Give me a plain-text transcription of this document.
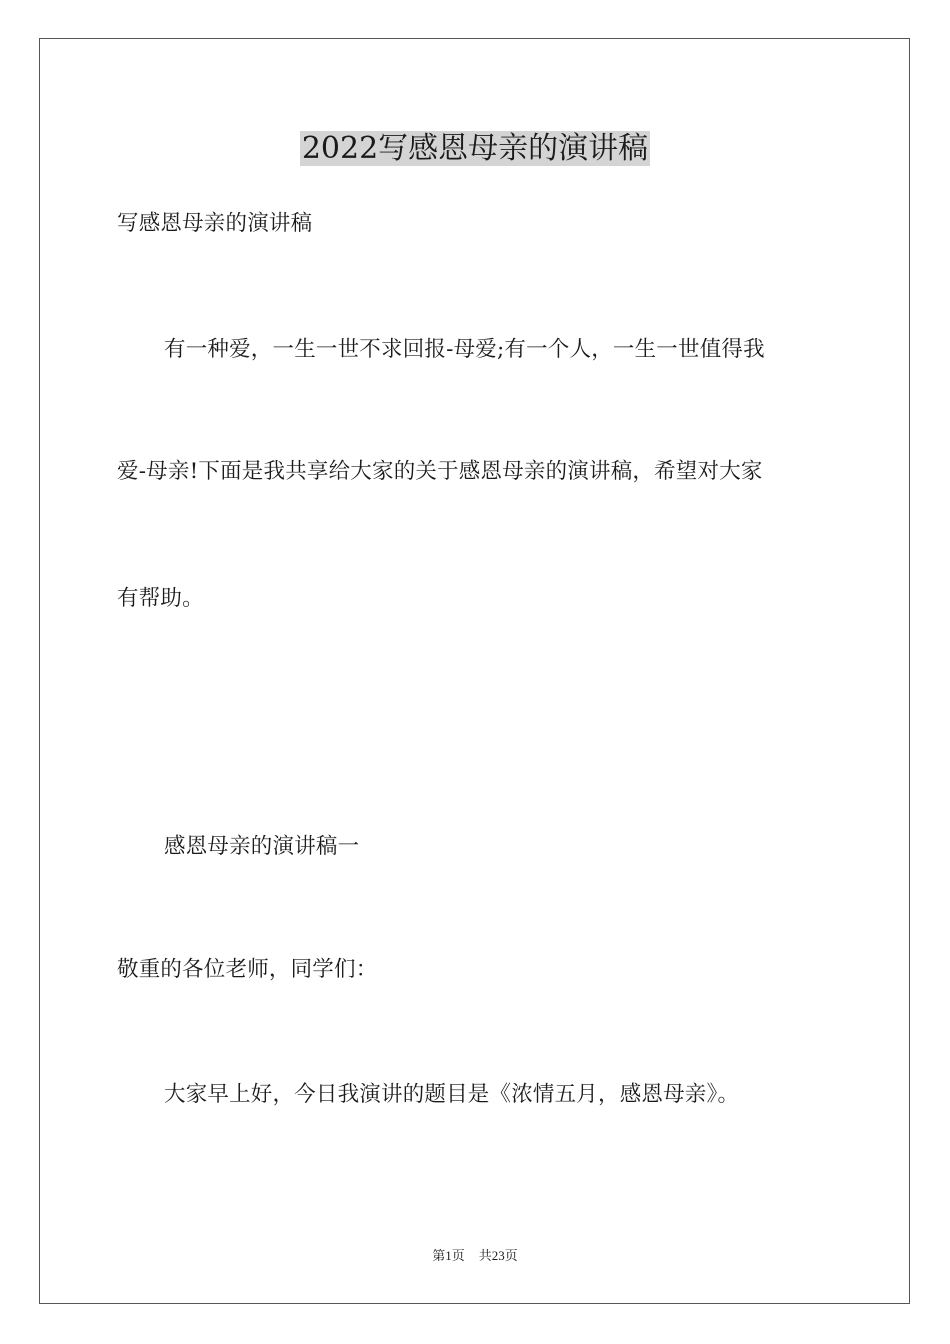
2022写感恩母亲的演讲稿
写感恩母亲的演讲稿
有一种爱，一生一世不求回报-母爱;有一个人，一生一世值得我
爱-母亲!下面是我共享给大家的关于感恩母亲的演讲稿，希望对大家
有帮助。
感恩母亲的演讲稿一
敬重的各位老师，同学们：
大家早上好，今日我演讲的题目是《浓情五月，感恩母亲》。
第1页 共23页
